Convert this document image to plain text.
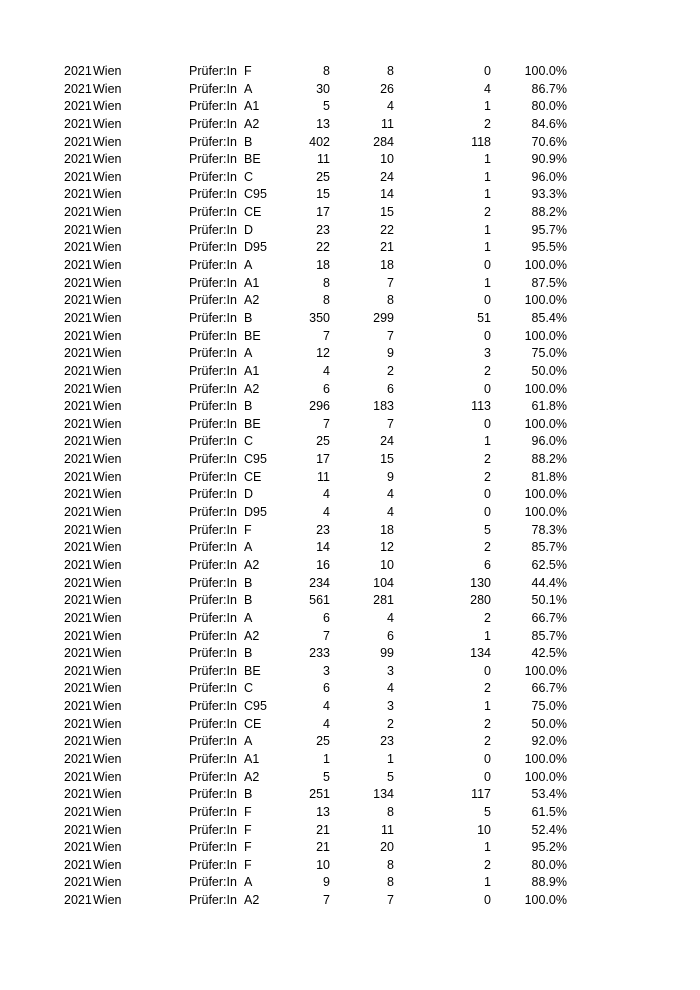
2021 Wien	Prüfer:In F	8	8	0	100.0%
2021 Wien	Prüfer:In A	30	26	4	86.7%
2021 Wien	Prüfer:In A1	5	4	1	80.0%
2021 Wien	Prüfer:In A2	13	11	2	84.6%
2021 Wien	Prüfer:In B	402	284	118	70.6%
2021 Wien	Prüfer:In BE	11	10	1	90.9%
2021 Wien	Prüfer:In C	25	24	1	96.0%
2021 Wien	Prüfer:In C95	15	14	1	93.3%
2021 Wien	Prüfer:In CE	17	15	2	88.2%
2021 Wien	Prüfer:In D	23	22	1	95.7%
2021 Wien	Prüfer:In D95	22	21	1	95.5%
2021 Wien	Prüfer:In A	18	18	0	100.0%
2021 Wien	Prüfer:In A1	8	7	1	87.5%
2021 Wien	Prüfer:In A2	8	8	0	100.0%
2021 Wien	Prüfer:In B	350	299	51	85.4%
2021 Wien	Prüfer:In BE	7	7	0	100.0%
2021 Wien	Prüfer:In A	12	9	3	75.0%
2021 Wien	Prüfer:In A1	4	2	2	50.0%
2021 Wien	Prüfer:In A2	6	6	0	100.0%
2021 Wien	Prüfer:In B	296	183	113	61.8%
2021 Wien	Prüfer:In BE	7	7	0	100.0%
2021 Wien	Prüfer:In C	25	24	1	96.0%
2021 Wien	Prüfer:In C95	17	15	2	88.2%
2021 Wien	Prüfer:In CE	11	9	2	81.8%
2021 Wien	Prüfer:In D	4	4	0	100.0%
2021 Wien	Prüfer:In D95	4	4	0	100.0%
2021 Wien	Prüfer:In F	23	18	5	78.3%
2021 Wien	Prüfer:In A	14	12	2	85.7%
2021 Wien	Prüfer:In A2	16	10	6	62.5%
2021 Wien	Prüfer:In B	234	104	130	44.4%
2021 Wien	Prüfer:In B	561	281	280	50.1%
2021 Wien	Prüfer:In A	6	4	2	66.7%
2021 Wien	Prüfer:In A2	7	6	1	85.7%
2021 Wien	Prüfer:In B	233	99	134	42.5%
2021 Wien	Prüfer:In BE	3	3	0	100.0%
2021 Wien	Prüfer:In C	6	4	2	66.7%
2021 Wien	Prüfer:In C95	4	3	1	75.0%
2021 Wien	Prüfer:In CE	4	2	2	50.0%
2021 Wien	Prüfer:In A	25	23	2	92.0%
2021 Wien	Prüfer:In A1	1	1	0	100.0%
2021 Wien	Prüfer:In A2	5	5	0	100.0%
2021 Wien	Prüfer:In B	251	134	117	53.4%
2021 Wien	Prüfer:In F	13	8	5	61.5%
2021 Wien	Prüfer:In F	21	11	10	52.4%
2021 Wien	Prüfer:In F	21	20	1	95.2%
2021 Wien	Prüfer:In F	10	8	2	80.0%
2021 Wien	Prüfer:In A	9	8	1	88.9%
2021 Wien	Prüfer:In A2	7	7	0	100.0%
